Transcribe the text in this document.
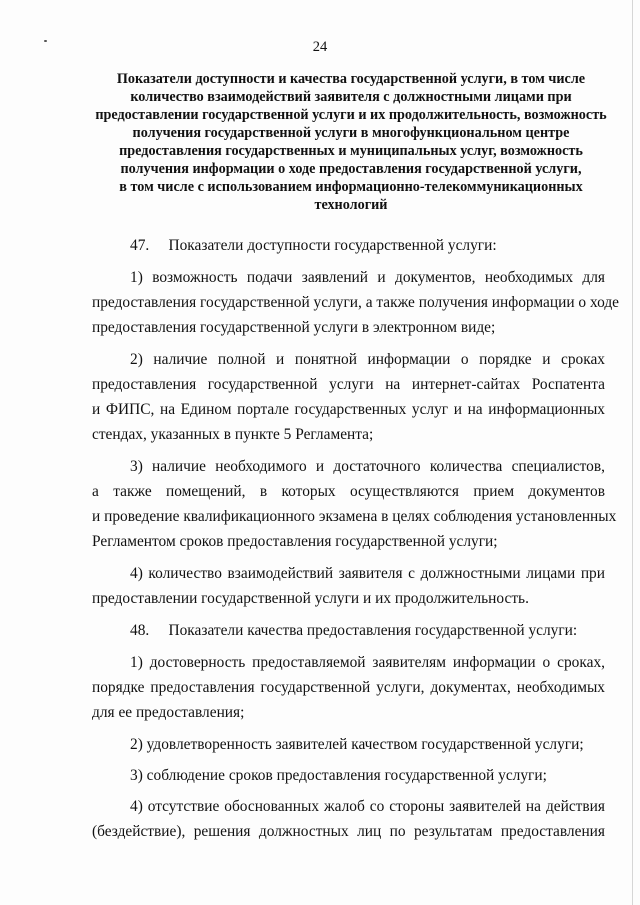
24
Показатели доступности и качества государственной услуги, в том числе
количество взаимодействий заявителя с должностными лицами при
предоставлении государственной услуги и их продолжительность, возможность
получения государственной услуги в многофункциональном центре
предоставления государственных и муниципальных услуг, возможность
получения информации о ходе предоставления государственной услуги,
в том числе с использованием информационно-телекоммуникационных
технологий
47.     Показатели доступности государственной услуги:
1) возможность подачи заявлений и документов, необходимых для
предоставления государственной услуги, а также получения информации о ходе
предоставления государственной услуги в электронном виде;
2) наличие полной и понятной информации о порядке и сроках
предоставления государственной услуги на интернет-сайтах Роспатента
и ФИПС, на Едином портале государственных услуг и на информационных
стендах, указанных в пункте 5 Регламента;
3) наличие необходимого и достаточного количества специалистов,
а также помещений, в которых осуществляются прием документов
и проведение квалификационного экзамена в целях соблюдения установленных
Регламентом сроков предоставления государственной услуги;
4) количество взаимодействий заявителя с должностными лицами при
предоставлении государственной услуги и их продолжительность.
48.     Показатели качества предоставления государственной услуги:
1) достоверность предоставляемой заявителям информации о сроках,
порядке предоставления государственной услуги, документах, необходимых
для ее предоставления;
2) удовлетворенность заявителей качеством государственной услуги;
3) соблюдение сроков предоставления государственной услуги;
4) отсутствие обоснованных жалоб со стороны заявителей на действия
(бездействие), решения должностных лиц по результатам предоставления
